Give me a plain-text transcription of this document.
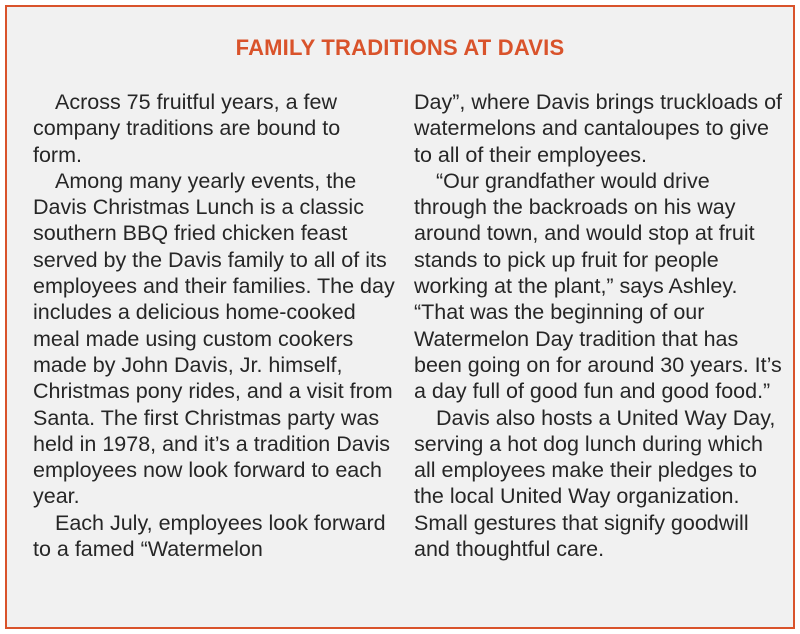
FAMILY TRADITIONS AT DAVIS

Across 75 fruitful years, a few company traditions are bound to form.

Among many yearly events, the Davis Christmas Lunch is a classic southern BBQ fried chicken feast served by the Davis family to all of its employees and their families. The day includes a delicious home-cooked meal made using custom cookers made by John Davis, Jr. himself, Christmas pony rides, and a visit from Santa. The first Christmas party was held in 1978, and it’s a tradition Davis employees now look forward to each year.

Each July, employees look forward to a famed “Watermelon

Day”, where Davis brings truckloads of watermelons and cantaloupes to give to all of their employees.

“Our grandfather would drive through the backroads on his way around town, and would stop at fruit stands to pick up fruit for people working at the plant,” says Ashley. “That was the beginning of our Watermelon Day tradition that has been going on for around 30 years. It’s a day full of good fun and good food.”

Davis also hosts a United Way Day, serving a hot dog lunch during which all employees make their pledges to the local United Way organization. Small gestures that signify goodwill and thoughtful care.
